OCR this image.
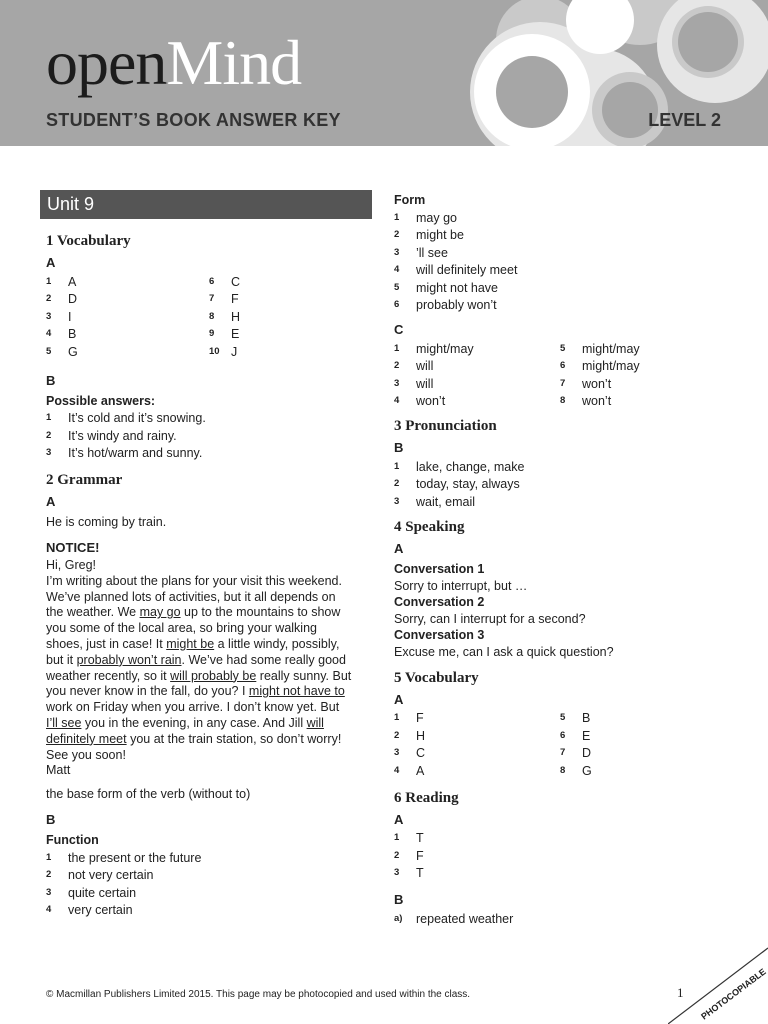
openMind
STUDENT’S BOOK ANSWER KEY	LEVEL 2
Unit 9
1 Vocabulary
A
1	A
2	D
3	I
4	B
5	G
6	C
7	F
8	H
9	E
10 J
B
Possible answers:
1	It’s cold and it’s snowing.
2	It’s windy and rainy.
3	It’s hot/warm and sunny.
2 Grammar
A
He is coming by train.
NOTICE!
Hi, Greg!
I’m writing about the plans for your visit this weekend.
We’ve planned lots of activities, but it all depends on
the weather. We may go up to the mountains to show
you some of the local area, so bring your walking
shoes, just in case! It might be a little windy, possibly,
but it probably won’t rain. We’ve had some really good
weather recently, so it will probably be really sunny. But
you never know in the fall, do you? I might not have to
work on Friday when you arrive. I don’t know yet. But
I’ll see you in the evening, in any case. And Jill will
definitely meet you at the train station, so don’t worry!
See you soon!
Matt
the base form of the verb (without to)
B
Function
1	the present or the future
2	not very certain
3	quite certain
4	very certain
Form
1	may go
2	might be
3	’ll see
4	will definitely meet
5	might not have
6	probably won’t
C
1	might/may
2	will
3	will
4	won’t
5	might/may
6	might/may
7	won’t
8	won’t
3 Pronunciation
B
1	lake, change, make
2	today, stay, always
3	wait, email
4 Speaking
A
Conversation 1
Sorry to interrupt, but …
Conversation 2
Sorry, can I interrupt for a second?
Conversation 3
Excuse me, can I ask a quick question?
5 Vocabulary
A
1	F
2	H
3	C
4	A
5	B
6	E
7	D
8	G
6 Reading
A
1	T
2	F
3	T
B
a)	repeated weather
© Macmillan Publishers Limited 2015. This page may be photocopied and used within the class.	1 PHOTOCOPIABLE
